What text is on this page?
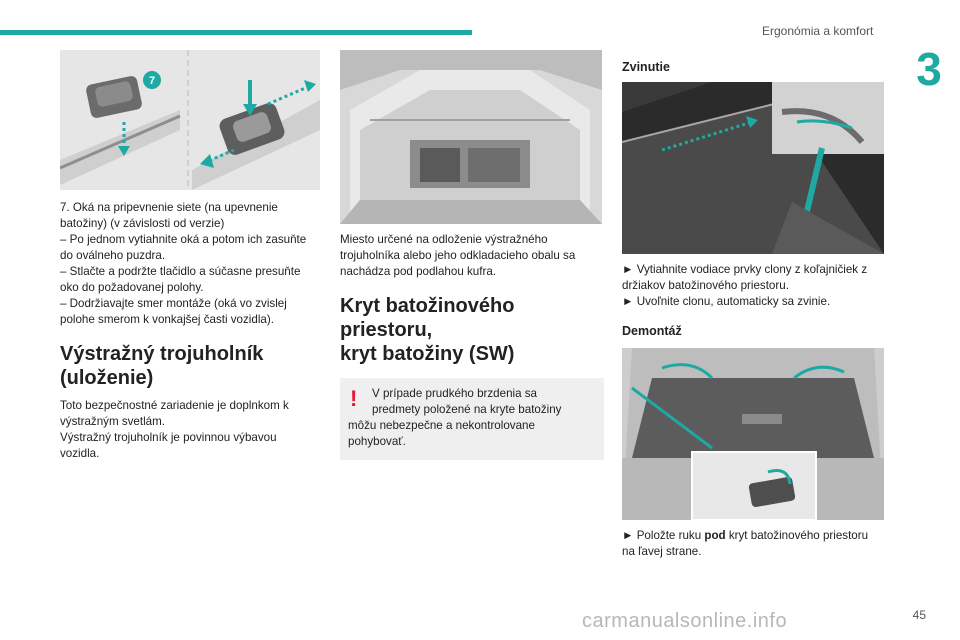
Ergonómia a komfort
3
7
7. Oká na pripevnenie siete (na upevnenie
batožiny) (v závislosti od verzie)
– Po jednom vytiahnite oká a potom ich zasuňte
do oválneho puzdra.
– Stlačte a podržte tlačidlo a súčasne presuňte
oko do požadovanej polohy.
– Dodržiavajte smer montáže (oká vo zvislej
polohe smerom k vonkajšej časti vozidla).
Výstražný trojuholník
(uloženie)
Toto bezpečnostné zariadenie je doplnkom k
výstražným svetlám.
Výstražný trojuholník je povinnou výbavou
vozidla.
Miesto určené na odloženie výstražného
trojuholníka alebo jeho odkladacieho obalu sa
nachádza pod podlahou kufra.
Kryt batožinového priestoru,
kryt batožiny (SW)
!	V prípade prudkého brzdenia sa
predmety položené na kryte batožiny
môžu nebezpečne a nekontrolovane
pohybovať.
Zvinutie
► Vytiahnite vodiace prvky clony z koľajničiek z
držiakov batožinového priestoru.
► Uvoľnite clonu, automaticky sa zvinie.
Demontáž
► Položte ruku pod kryt batožinového priestoru
na ľavej strane.
carmanualsonline.info	45
